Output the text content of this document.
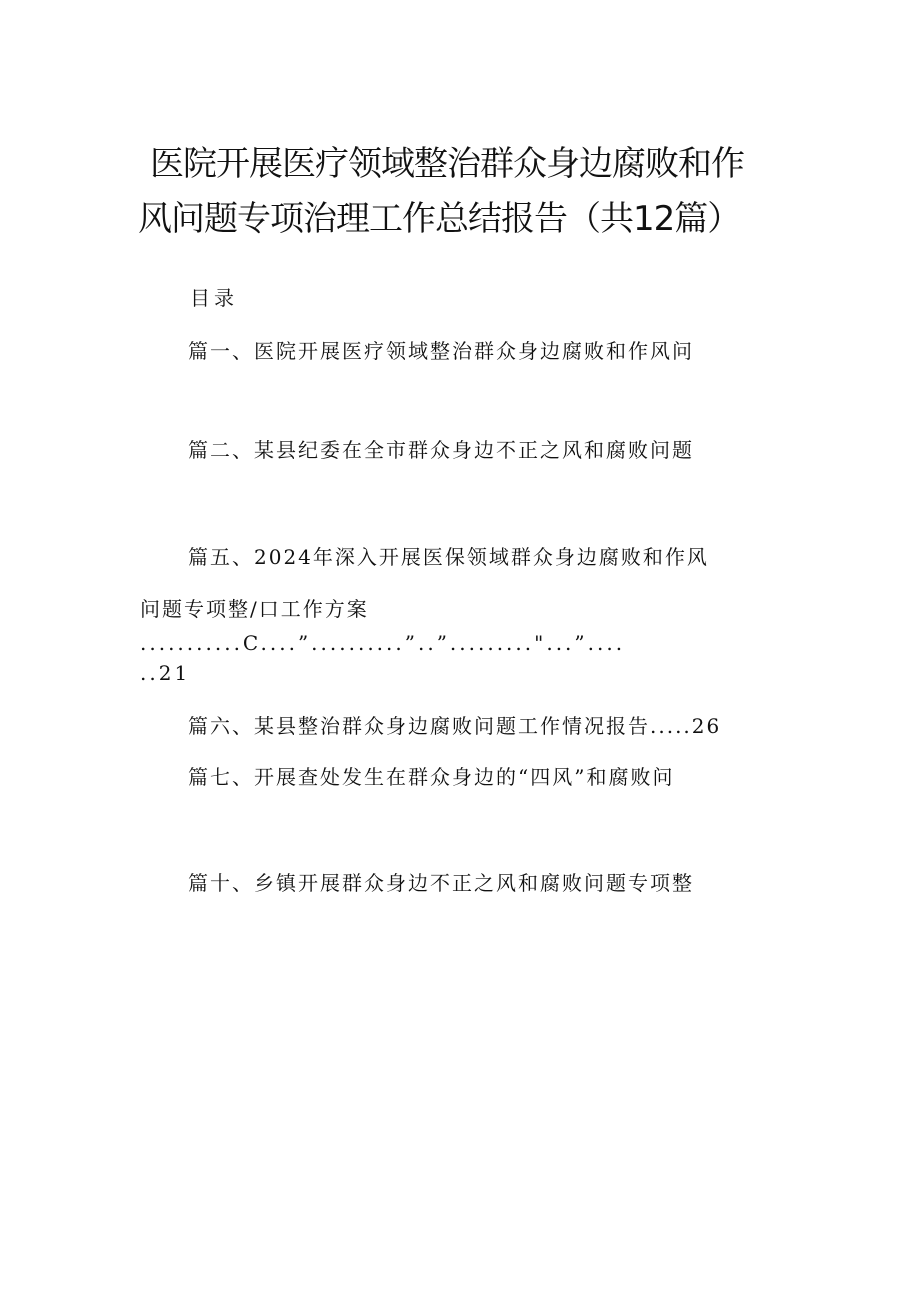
医院开展医疗领域整治群众身边腐败和作
风问题专项治理工作总结报告（共12篇）
目录
篇一、医院开展医疗领域整治群众身边腐败和作风问
篇二、某县纪委在全市群众身边不正之风和腐败问题
篇五、2024年深入开展医保领域群众身边腐败和作风
问题专项整/口工作方案
...........C....”..........”..”........."...”....
..21
篇六、某县整治群众身边腐败问题工作情况报告.....26
篇七、开展查处发生在群众身边的“四风”和腐败问
篇十、乡镇开展群众身边不正之风和腐败问题专项整
